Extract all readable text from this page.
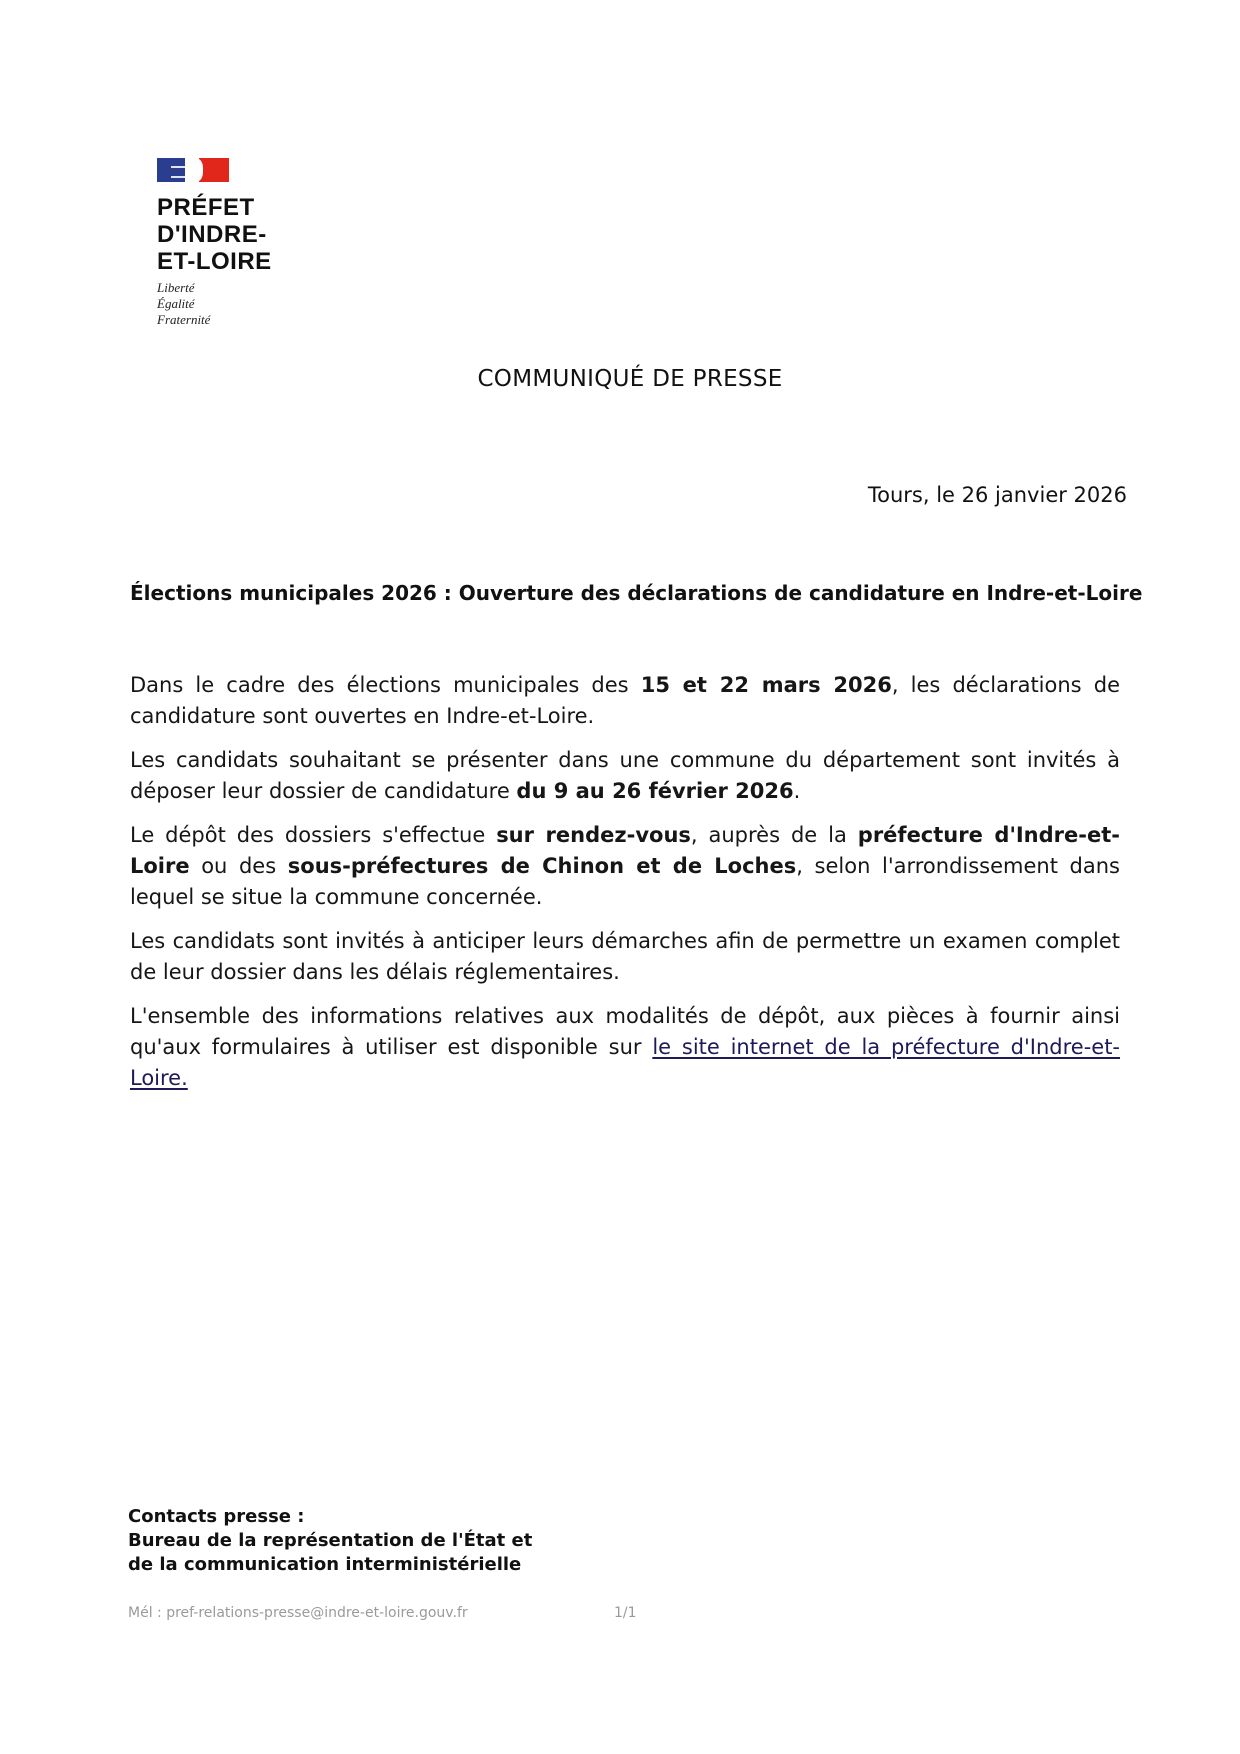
PRÉFET
D'INDRE-
ET-LOIRE
Liberté
Égalité
Fraternité
COMMUNIQUÉ DE PRESSE
Tours, le 26 janvier 2026
Élections municipales 2026 : Ouverture des déclarations de candidature en Indre-et-Loire

Dans le cadre des élections municipales des 15 et 22 mars 2026, les déclarations de candidature sont ouvertes en Indre-et-Loire.

Les candidats souhaitant se présenter dans une commune du département sont invités à déposer leur dossier de candidature du 9 au 26 février 2026.

Le dépôt des dossiers s'effectue sur rendez-vous, auprès de la préfecture d'Indre-et-Loire ou des sous-préfectures de Chinon et de Loches, selon l'arrondissement dans lequel se situe la commune concernée.

Les candidats sont invités à anticiper leurs démarches afin de permettre un examen complet de leur dossier dans les délais réglementaires.

L'ensemble des informations relatives aux modalités de dépôt, aux pièces à fournir ainsi qu'aux formulaires à utiliser est disponible sur le site internet de la préfecture d'Indre-et-Loire.

Contacts presse :
Bureau de la représentation de l'État et
de la communication interministérielle
Mél : pref-relations-presse@indre-et-loire.gouv.fr	1/1
